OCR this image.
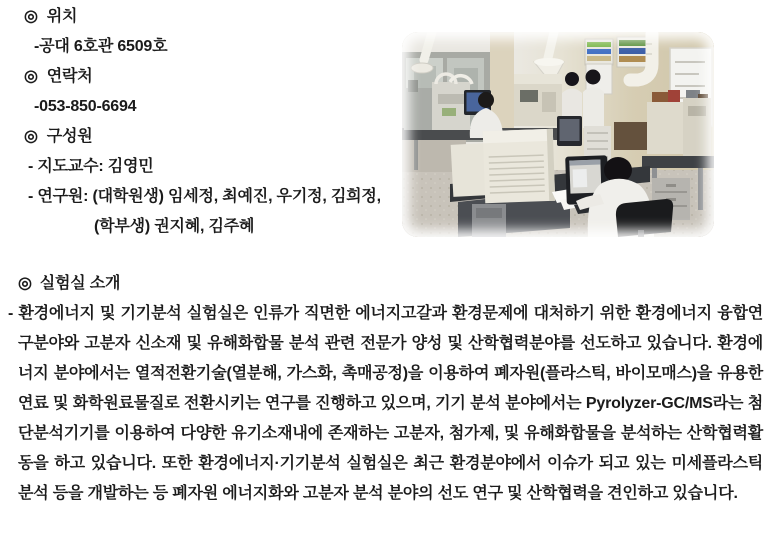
◎ 위치
-공대 6호관 6509호
◎ 연락처
-053-850-6694
◎ 구성원
- 지도교수: 김영민
- 연구원: (대학원생) 임세정, 최예진, 우기정, 김희정,
(학부생) 권지혜, 김주혜
◎ 실험실 소개

- 환경에너지 및 기기분석 실험실은 인류가 직면한 에너지고갈과 환경문제에 대처하기 위한 환경에너지 융합연구분야와 고분자 신소재 및 유해화합물 분석 관련 전문가 양성 및 산학협력분야를 선도하고 있습니다. 환경에너지 분야에서는 열적전환기술(열분해, 가스화, 촉매공정)을 이용하여 폐자원(플라스틱, 바이모매스)을 유용한 연료 및 화학원료물질로 전환시키는 연구를 진행하고 있으며, 기기 분석 분야에서는 Pyrolyzer-GC/MS라는 첨단분석기기를 이용하여 다양한 유기소재내에 존재하는 고분자, 첨가제, 및 유해화합물을 분석하는 산학협력활동을 하고 있습니다. 또한 환경에너지·기기분석 실험실은 최근 환경분야에서 이슈가 되고 있는 미세플라스틱 분석 등을 개발하는 등 폐자원 에너지화와 고분자 분석 분야의 선도 연구 및 산학협력을 견인하고 있습니다.
